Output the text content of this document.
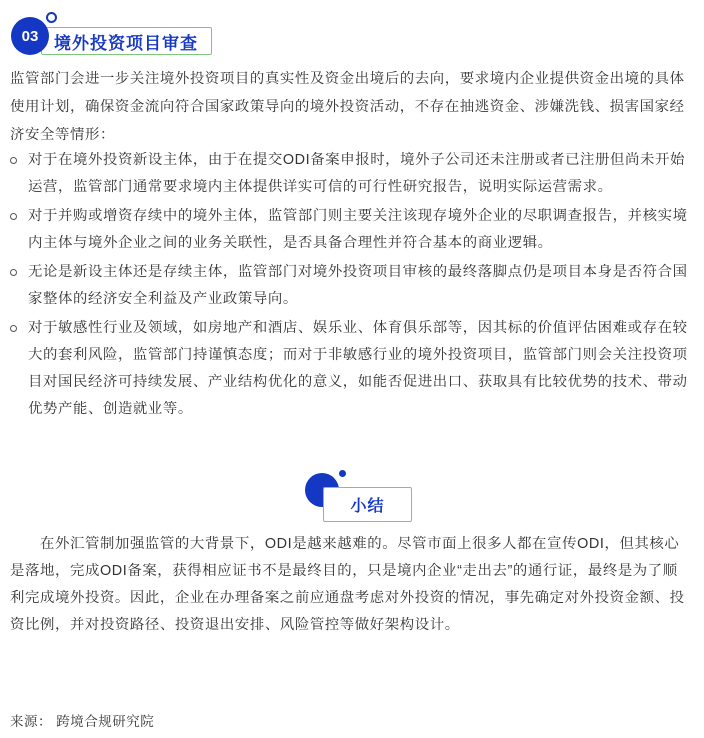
境外投资项目审查
03

监管部门会进一步关注境外投资项目的真实性及资金出境后的去向，要求境内企业提供资金出境的具体使用计划，确保资金流向符合国家政策导向的境外投资活动，不存在抽逃资金、涉嫌洗钱、损害国家经济安全等情形：

对于在境外投资新设主体，由于在提交ODI备案申报时，境外子公司还未注册或者已注册但尚未开始运营，监管部门通常要求境内主体提供详实可信的可行性研究报告，说明实际运营需求。
对于并购或增资存续中的境外主体，监管部门则主要关注该现存境外企业的尽职调查报告，并核实境内主体与境外企业之间的业务关联性，是否具备合理性并符合基本的商业逻辑。
无论是新设主体还是存续主体，监管部门对境外投资项目审核的最终落脚点仍是项目本身是否符合国家整体的经济安全利益及产业政策导向。
对于敏感性行业及领域，如房地产和酒店、娱乐业、体育俱乐部等，因其标的价值评估困难或存在较大的套利风险，监管部门持谨慎态度；而对于非敏感行业的境外投资项目，监管部门则会关注投资项目对国民经济可持续发展、产业结构优化的意义，如能否促进出口、获取具有比较优势的技术、带动优势产能、创造就业等。
小结

在外汇管制加强监管的大背景下，ODI是越来越难的。尽管市面上很多人都在宣传ODI，但其核心是落地，完成ODI备案，获得相应证书不是最终目的，只是境内企业“走出去”的通行证，最终是为了顺利完成境外投资。因此，企业在办理备案之前应通盘考虑对外投资的情况，事先确定对外投资金额、投资比例，并对投资路径、投资退出安排、风险管控等做好架构设计。

来源： 跨境合规研究院
